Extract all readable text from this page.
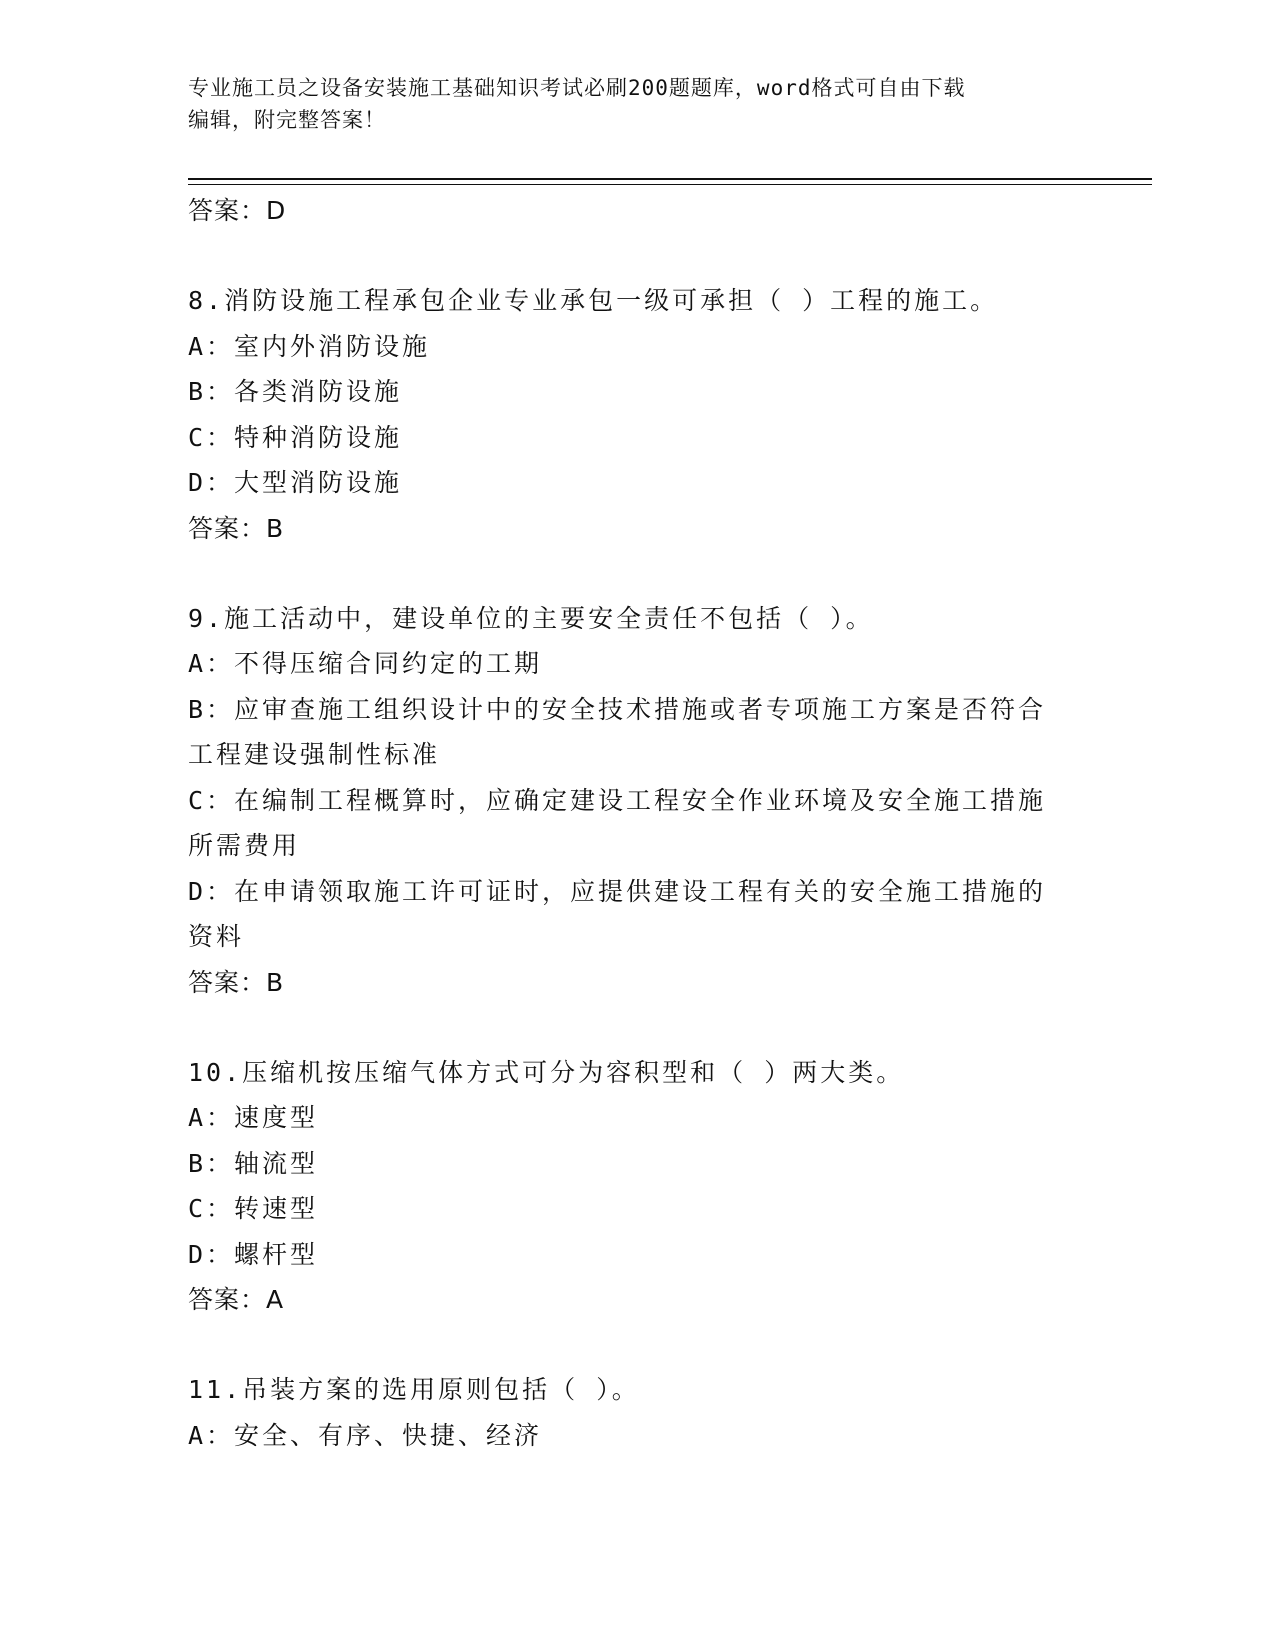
专业施工员之设备安装施工基础知识考试必刷200题题库，word格式可自由下载
编辑，附完整答案！
答案：D
8.消防设施工程承包企业专业承包一级可承担（ ）工程的施工。
A：室内外消防设施
B：各类消防设施
C：特种消防设施
D：大型消防设施
答案：B
9.施工活动中，建设单位的主要安全责任不包括（ ）。
A：不得压缩合同约定的工期
B：应审查施工组织设计中的安全技术措施或者专项施工方案是否符合
工程建设强制性标准
C：在编制工程概算时，应确定建设工程安全作业环境及安全施工措施
所需费用
D：在申请领取施工许可证时，应提供建设工程有关的安全施工措施的
资料
答案：B
10.压缩机按压缩气体方式可分为容积型和（ ）两大类。
A：速度型
B：轴流型
C：转速型
D：螺杆型
答案：A
11.吊装方案的选用原则包括（ ）。
A：安全、有序、快捷、经济
